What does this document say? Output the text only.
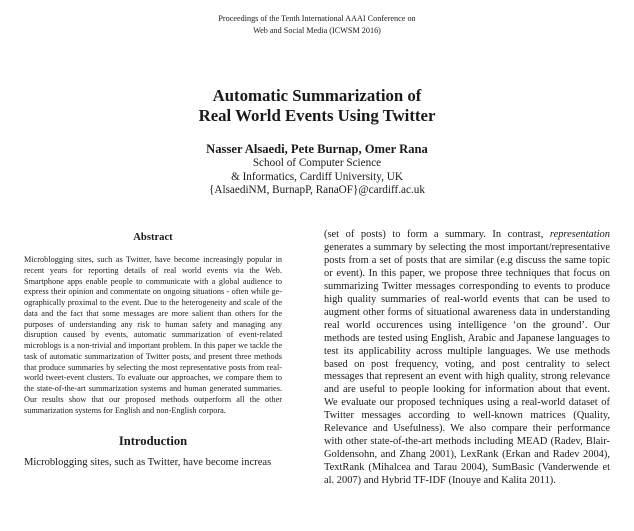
Proceedings of the Tenth International AAAI Conference on
Web and Social Media (ICWSM 2016)
Automatic Summarization of
Real World Events Using Twitter
Nasser Alsaedi, Pete Burnap, Omer Rana
School of Computer Science
& Informatics, Cardiff University, UK
{AlsaediNM, BurnapP, RanaOF}@cardiff.ac.uk
Abstract
Microblogging sites, such as Twitter, have become increasingly popular in recent years for reporting details of real world events via the Web. Smartphone apps enable people to communicate with a global audience to express their opinion and commentate on ongoing situations - often while geographically proximal to the event. Due to the heterogeneity and scale of the data and the fact that some messages are more salient than others for the purposes of understanding any risk to human safety and managing any disruption caused by events, automatic summarization of event-related microblogs is a non-trivial and important problem. In this paper we tackle the task of automatic summarization of Twitter posts, and present three methods that produce summaries by selecting the most representative posts from real-world tweet-event clusters. To evaluate our approaches, we compare them to the state-of-the-art summarization systems and human generated summaries. Our results show that our proposed methods outperform all the other summarization systems for English and non-English corpora.
Introduction
Microblogging sites, such as Twitter, have become increas
(set of posts) to form a summary. In contrast, representation generates a summary by selecting the most important/representative posts from a set of posts that are similar (e.g discuss the same topic or event). In this paper, we propose three techniques that focus on summarizing Twitter messages corresponding to events to produce high quality summaries of real-world events that can be used to augment other forms of situational awareness data in understanding real world occurences using intelligence ‘on the ground’. Our methods are tested using English, Arabic and Japanese languages to test its applicability across multiple languages. We use methods based on post frequency, voting, and post centrality to select messages that represent an event with high quality, strong relevance and are useful to people looking for information about that event. We evaluate our proposed techniques using a real-world dataset of Twitter messages according to well-known matrices (Quality, Relevance and Usefulness). We also compare their performance with other state-of-the-art methods including MEAD (Radev, Blair-Goldensohn, and Zhang 2001), LexRank (Erkan and Radev 2004), TextRank (Mihalcea and Tarau 2004), SumBasic (Vanderwende et al. 2007) and Hybrid TF-IDF (Inouye and Kalita 2011).
